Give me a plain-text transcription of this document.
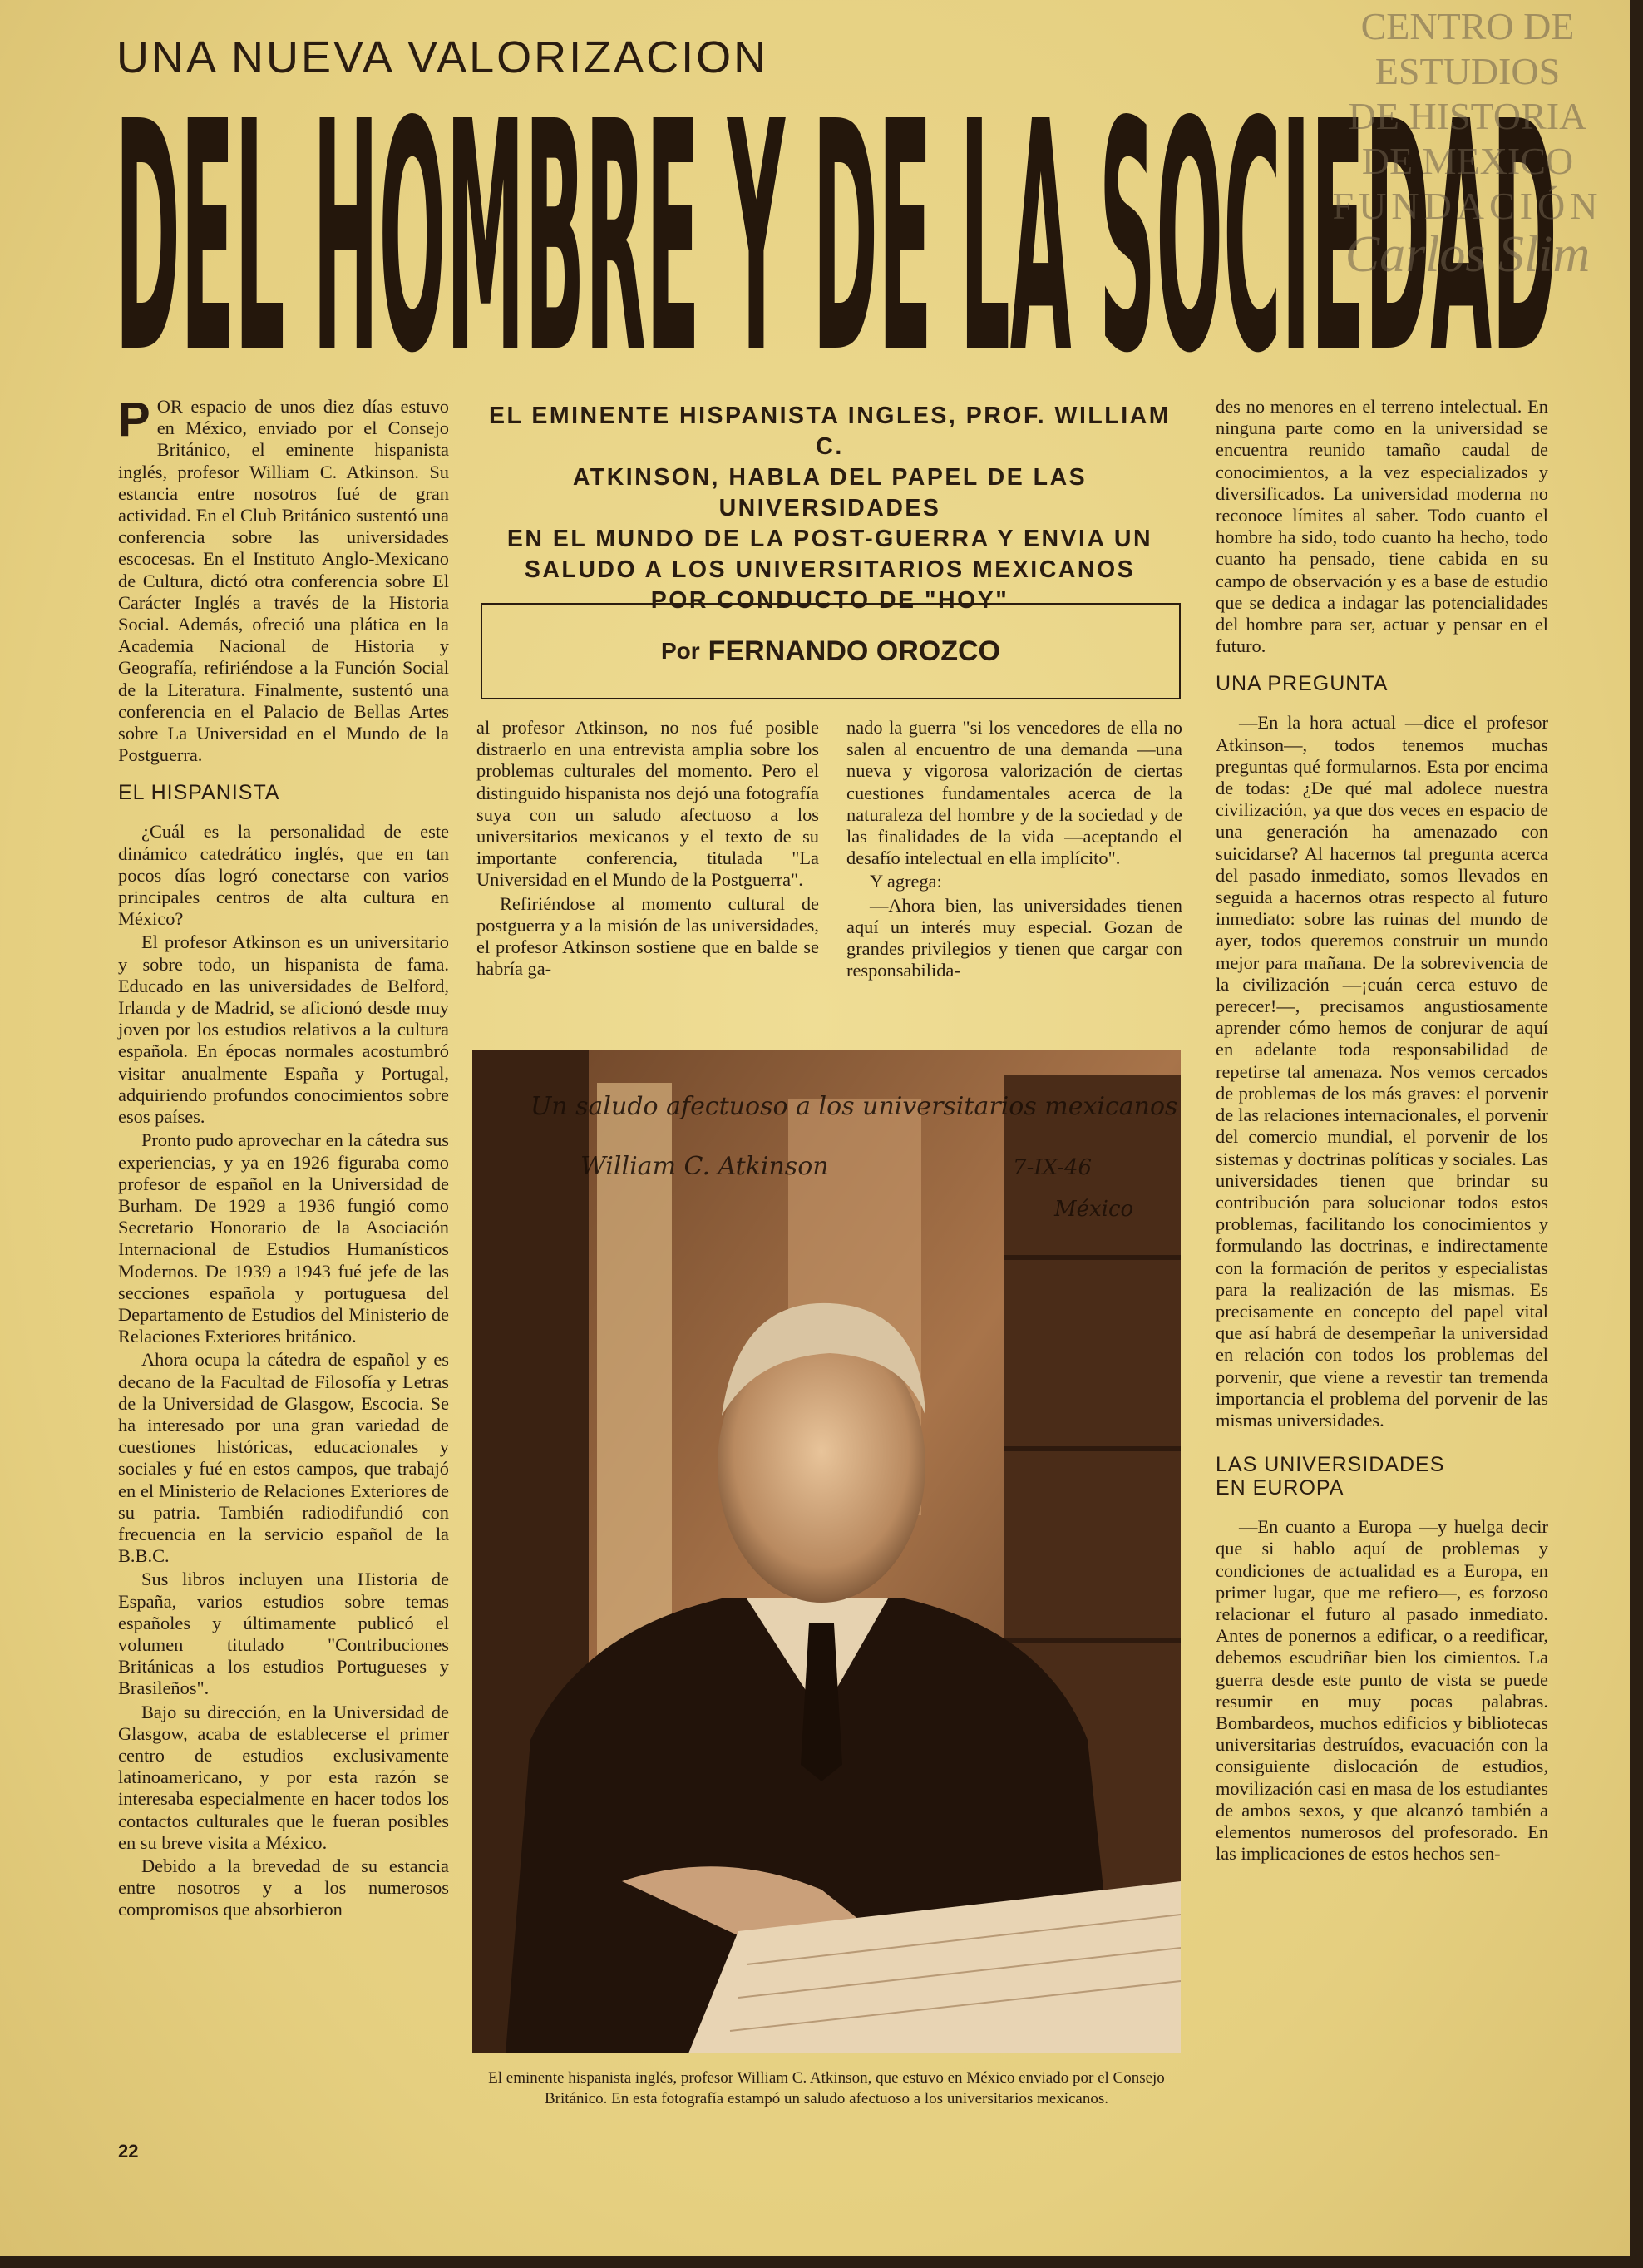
UNA NUEVA VALORIZACION

DEL HOMBRE Y DE LA SOCIEDAD
CENTRO DE
ESTUDIOS
DE HISTORIA
DE MEXICO
FUNDACIÓN
Carlos Slim

POR espacio de unos diez días estuvo en México, enviado por el Consejo Británico, el eminente hispanista inglés, profesor William C. Atkinson. Su estancia entre nosotros fué de gran actividad. En el Club Británico sustentó una conferencia sobre las universidades escocesas. En el Instituto Anglo-Mexicano de Cultura, dictó otra conferencia sobre El Carácter Inglés a través de la Historia Social. Además, ofreció una plática en la Academia Nacional de Historia y Geografía, refiriéndose a la Función Social de la Literatura. Finalmente, sustentó una conferencia en el Palacio de Bellas Artes sobre La Universidad en el Mundo de la Postguerra.

EL HISPANISTA

¿Cuál es la personalidad de este dinámico catedrático inglés, que en tan pocos días logró conectarse con varios principales centros de alta cultura en México?

El profesor Atkinson es un universitario y sobre todo, un hispanista de fama. Educado en las universidades de Belford, Irlanda y de Madrid, se aficionó desde muy joven por los estudios relativos a la cultura española. En épocas normales acostumbró visitar anualmente España y Portugal, adquiriendo profundos conocimientos sobre esos países.

Pronto pudo aprovechar en la cátedra sus experiencias, y ya en 1926 figuraba como profesor de español en la Universidad de Burham. De 1929 a 1936 fungió como Secretario Honorario de la Asociación Internacional de Estudios Humanísticos Modernos. De 1939 a 1943 fué jefe de las secciones española y portuguesa del Departamento de Estudios del Ministerio de Relaciones Exteriores británico.

Ahora ocupa la cátedra de español y es decano de la Facultad de Filosofía y Letras de la Universidad de Glasgow, Escocia. Se ha interesado por una gran variedad de cuestiones históricas, educacionales y sociales y fué en estos campos, que trabajó en el Ministerio de Relaciones Exteriores de su patria. También radiodifundió con frecuencia en la servicio español de la B.B.C.

Sus libros incluyen una Historia de España, varios estudios sobre temas españoles y últimamente publicó el volumen titulado "Contribuciones Británicas a los estudios Portugueses y Brasileños".

Bajo su dirección, en la Universidad de Glasgow, acaba de establecerse el primer centro de estudios exclusivamente latinoamericano, y por esta razón se interesaba especialmente en hacer todos los contactos culturales que le fueran posibles en su breve visita a México.

Debido a la brevedad de su estancia entre nosotros y a los numerosos compromisos que absorbieron

EL EMINENTE HISPANISTA INGLES, PROF. WILLIAM C.
ATKINSON, HABLA DEL PAPEL DE LAS UNIVERSIDADES
EN EL MUNDO DE LA POST-GUERRA Y ENVIA UN
SALUDO A LOS UNIVERSITARIOS MEXICANOS
POR CONDUCTO DE "HOY"
Por FERNANDO OROZCO

al profesor Atkinson, no nos fué posible distraerlo en una entrevista amplia sobre los problemas culturales del momento. Pero el distinguido hispanista nos dejó una fotografía suya con un saludo afectuoso a los universitarios mexicanos y el texto de su importante conferencia, titulada "La Universidad en el Mundo de la Postguerra".

Refiriéndose al momento cultural de postguerra y a la misión de las universidades, el profesor Atkinson sostiene que en balde se habría ga-

nado la guerra "si los vencedores de ella no salen al encuentro de una demanda —una nueva y vigorosa valorización de ciertas cuestiones fundamentales acerca de la naturaleza del hombre y de la sociedad y de las finalidades de la vida —aceptando el desafío intelectual en ella implícito".

Y agrega:

—Ahora bien, las universidades tienen aquí un interés muy especial. Gozan de grandes privilegios y tienen que cargar con responsabilida-

des no menores en el terreno intelectual. En ninguna parte como en la universidad se encuentra reunido tamaño caudal de conocimientos, a la vez especializados y diversificados. La universidad moderna no reconoce límites al saber. Todo cuanto el hombre ha sido, todo cuanto ha hecho, todo cuanto ha pensado, tiene cabida en su campo de observación y es a base de estudio que se dedica a indagar las potencialidades del hombre para ser, actuar y pensar en el futuro.

UNA PREGUNTA

—En la hora actual —dice el profesor Atkinson—, todos tenemos muchas preguntas qué formularnos. Esta por encima de todas: ¿De qué mal adolece nuestra civilización, ya que dos veces en espacio de una generación ha amenazado con suicidarse? Al hacernos tal pregunta acerca del pasado inmediato, somos llevados en seguida a hacernos otras respecto al futuro inmediato: sobre las ruinas del mundo de ayer, todos queremos construir un mundo mejor para mañana. De la sobrevivencia de la civilización —¡cuán cerca estuvo de perecer!—, precisamos angustiosamente aprender cómo hemos de conjurar de aquí en adelante toda responsabilidad de repetirse tal amenaza. Nos vemos cercados de problemas de los más graves: el porvenir de las relaciones internacionales, el porvenir del comercio mundial, el porvenir de los sistemas y doctrinas políticas y sociales. Las universidades tienen que brindar su contribución para solucionar todos estos problemas, facilitando los conocimientos y formulando las doctrinas, e indirectamente con la formación de peritos y especialistas para la realización de las mismas. Es precisamente en concepto del papel vital que así habrá de desempeñar la universidad en relación con todos los problemas del porvenir, que viene a revestir tan tremenda importancia el problema del porvenir de las mismas universidades.

LAS UNIVERSIDADES
EN EUROPA

—En cuanto a Europa —y huelga decir que si hablo aquí de problemas y condiciones de actualidad es a Europa, en primer lugar, que me refiero—, es forzoso relacionar el futuro al pasado inmediato. Antes de ponernos a edificar, o a reedificar, debemos escudriñar bien los cimientos. La guerra desde este punto de vista se puede resumir en muy pocas palabras. Bombardeos, muchos edificios y bibliotecas universitarias destruídos, evacuación con la consiguiente dislocación de estudios, movilización casi en masa de los estudiantes de ambos sexos, y que alcanzó también a elementos numerosos del profesorado. En las implicaciones de estos hechos sen-

Un saludo afectuoso a los universitarios mexicanos
William C. Atkinson	7-IX-46
México

El eminente hispanista inglés, profesor William C. Atkinson, que estuvo en México enviado por el Consejo Británico. En esta fotografía estampó un saludo afectuoso a los universitarios mexicanos.

22
